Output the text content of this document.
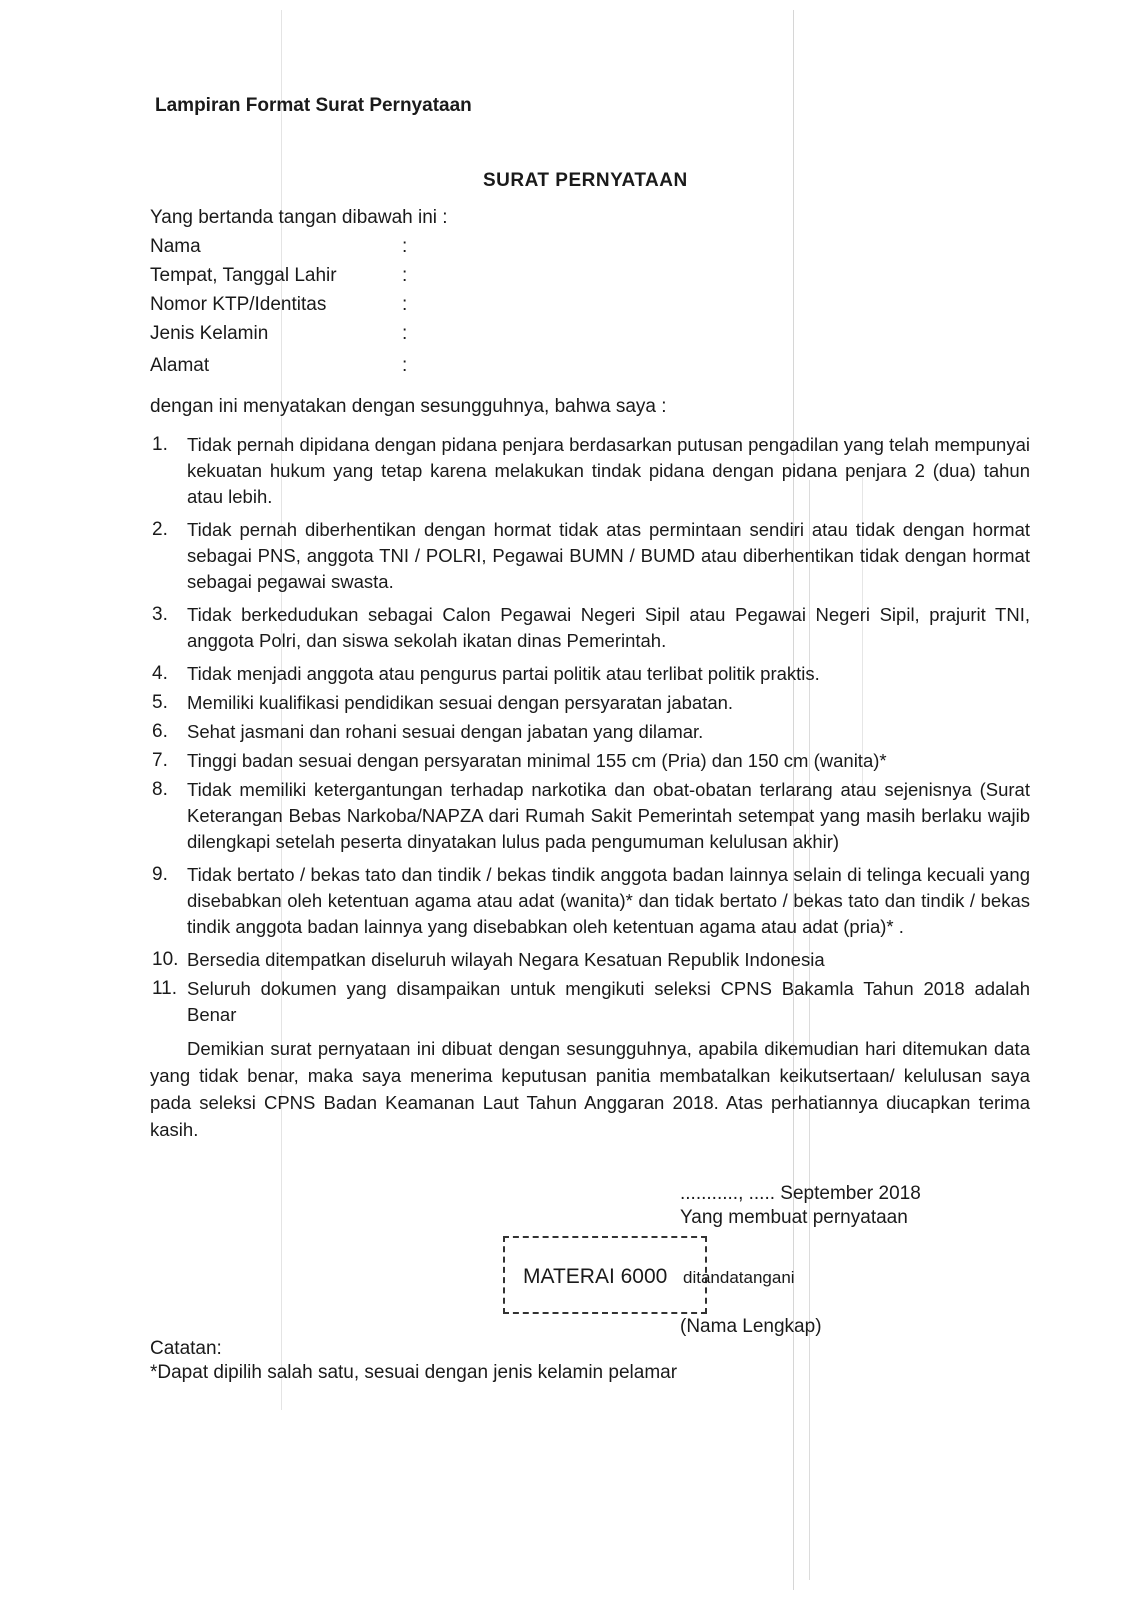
Lampiran Format Surat Pernyataan
SURAT PERNYATAAN
Yang bertanda tangan dibawah ini :
Nama	:
Tempat, Tanggal Lahir	:
Nomor KTP/Identitas	:
Jenis Kelamin	:
Alamat	:
dengan ini menyatakan dengan sesungguhnya, bahwa saya :
1. Tidak pernah dipidana dengan pidana penjara berdasarkan putusan pengadilan yang telah mempunyai kekuatan hukum yang tetap karena melakukan tindak pidana dengan pidana penjara 2 (dua) tahun atau lebih.
2. Tidak pernah diberhentikan dengan hormat tidak atas permintaan sendiri atau tidak dengan hormat sebagai PNS, anggota TNI / POLRI, Pegawai BUMN / BUMD atau diberhentikan tidak dengan hormat sebagai pegawai swasta.
3. Tidak berkedudukan sebagai Calon Pegawai Negeri Sipil atau Pegawai Negeri Sipil, prajurit TNI, anggota Polri, dan siswa sekolah ikatan dinas Pemerintah.
4. Tidak menjadi anggota atau pengurus partai politik atau terlibat politik praktis.
5. Memiliki kualifikasi pendidikan sesuai dengan persyaratan jabatan.
6. Sehat jasmani dan rohani sesuai dengan jabatan yang dilamar.
7. Tinggi badan sesuai dengan persyaratan minimal 155 cm (Pria) dan 150 cm (wanita)*
8. Tidak memiliki ketergantungan terhadap narkotika dan obat-obatan terlarang atau sejenisnya (Surat Keterangan Bebas Narkoba/NAPZA dari Rumah Sakit Pemerintah setempat yang masih berlaku wajib dilengkapi setelah peserta dinyatakan lulus pada pengumuman kelulusan akhir)
9. Tidak bertato / bekas tato dan tindik / bekas tindik anggota badan lainnya selain di telinga kecuali yang disebabkan oleh ketentuan agama atau adat (wanita)* dan tidak bertato / bekas tato dan tindik / bekas tindik anggota badan lainnya yang disebabkan oleh ketentuan agama atau adat (pria)* .
10. Bersedia ditempatkan diseluruh wilayah Negara Kesatuan Republik Indonesia
11. Seluruh dokumen yang disampaikan untuk mengikuti seleksi CPNS Bakamla Tahun 2018 adalah Benar
Demikian surat pernyataan ini dibuat dengan sesungguhnya, apabila dikemudian hari ditemukan data yang tidak benar, maka saya menerima keputusan panitia membatalkan keikutsertaan/ kelulusan saya pada seleksi CPNS Badan Keamanan Laut Tahun Anggaran 2018. Atas perhatiannya diucapkan terima kasih.
..........., ..... September 2018
Yang membuat pernyataan
MATERAI 6000 ditandatangani
(Nama Lengkap)
Catatan:
*Dapat dipilih salah satu, sesuai dengan jenis kelamin pelamar
